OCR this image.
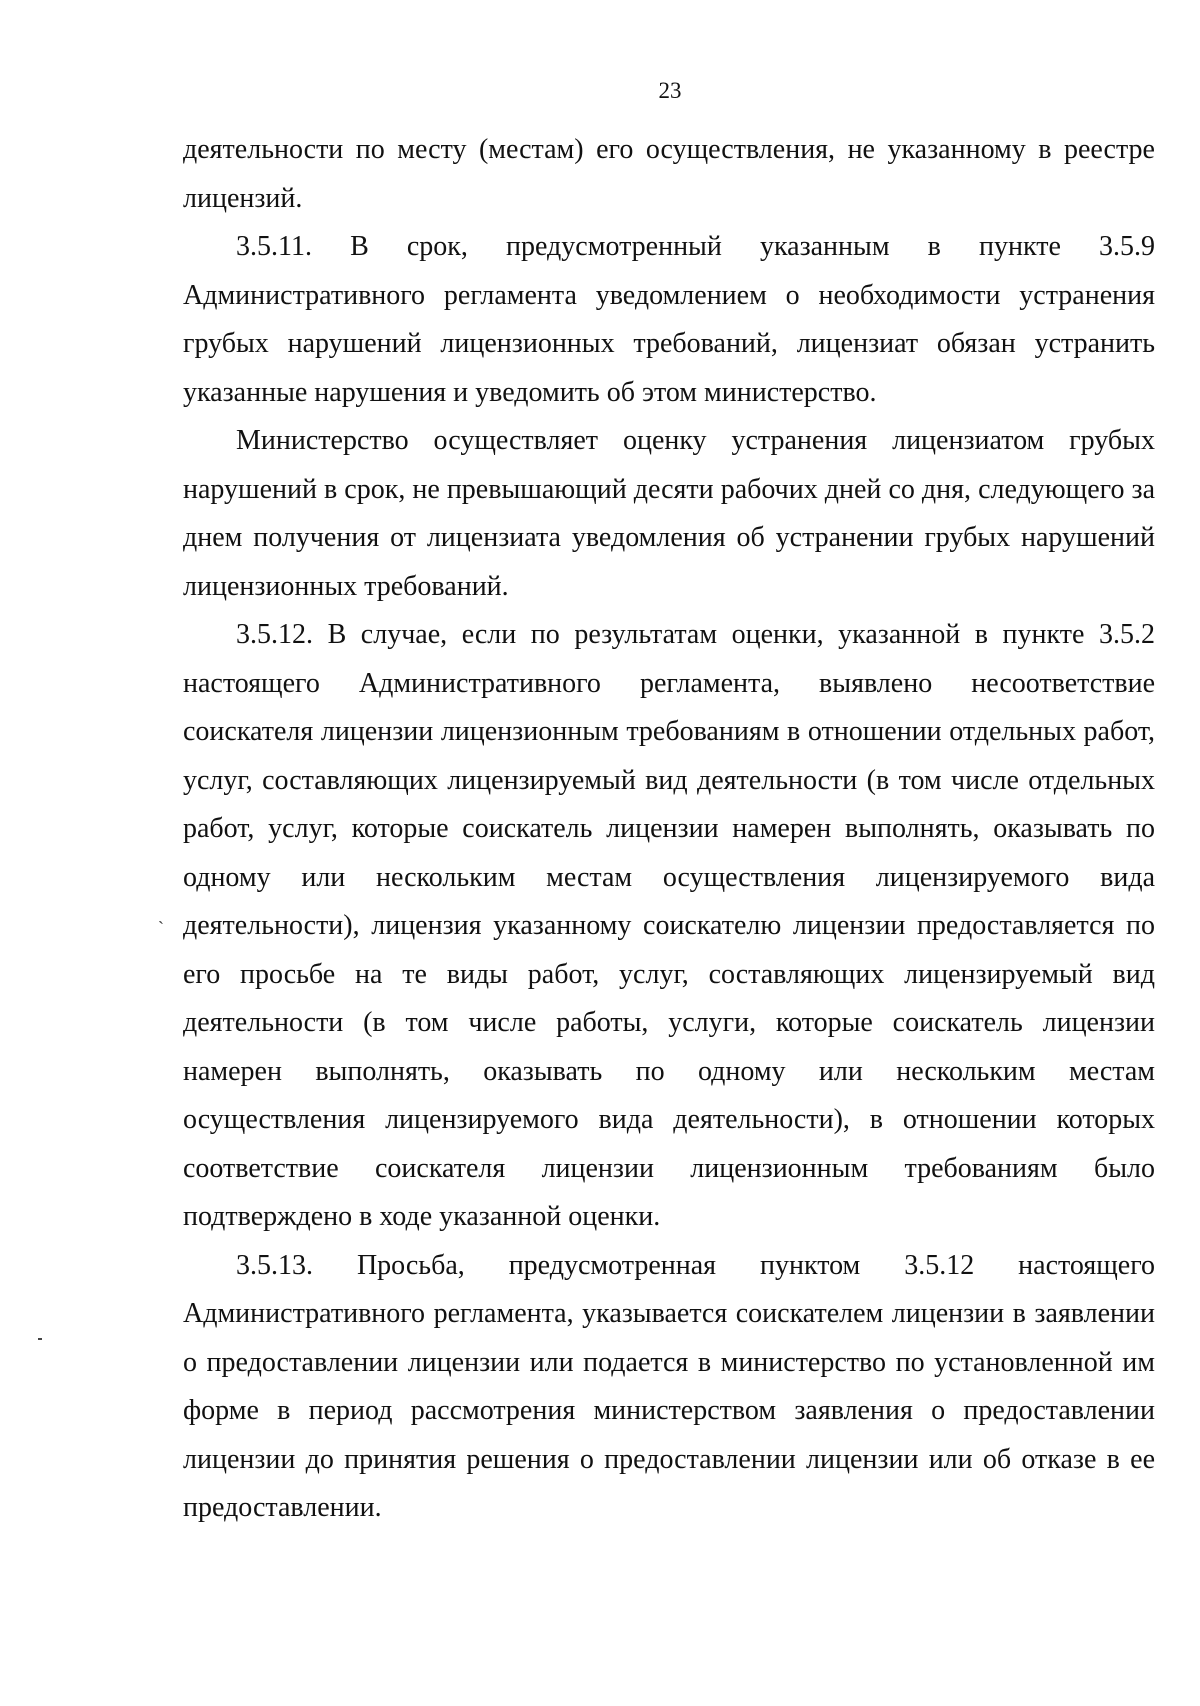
23

деятельности по месту (местам) его осуществления, не указанному в реестре лицензий.

3.5.11. В срок, предусмотренный указанным в пункте 3.5.9 Административного регламента уведомлением о необходимости устранения грубых нарушений лицензионных требований, лицензиат обязан устранить указанные нарушения и уведомить об этом министерство.

Министерство осуществляет оценку устранения лицензиатом грубых нарушений в срок, не превышающий десяти рабочих дней со дня, следующего за днем получения от лицензиата уведомления об устранении грубых нарушений лицензионных требований.

3.5.12. В случае, если по результатам оценки, указанной в пункте 3.5.2 настоящего Административного регламента, выявлено несоответствие соискателя лицензии лицензионным требованиям в отношении отдельных работ, услуг, составляющих лицензируемый вид деятельности (в том числе отдельных работ, услуг, которые соискатель лицензии намерен выполнять, оказывать по одному или нескольким местам осуществления лицензируемого вида деятельности), лицензия указанному соискателю лицензии предоставляется по его просьбе на те виды работ, услуг, составляющих лицензируемый вид деятельности (в том числе работы, услуги, которые соискатель лицензии намерен выполнять, оказывать по одному или нескольким местам осуществления лицензируемого вида деятельности), в отношении которых соответствие соискателя лицензии лицензионным требованиям было подтверждено в ходе указанной оценки.

3.5.13. Просьба, предусмотренная пунктом 3.5.12 настоящего Административного регламента, указывается соискателем лицензии в заявлении о предоставлении лицензии или подается в министерство по установленной им форме в период рассмотрения министерством заявления о предоставлении лицензии до принятия решения о предоставлении лицензии или об отказе в ее предоставлении.

ˋ
